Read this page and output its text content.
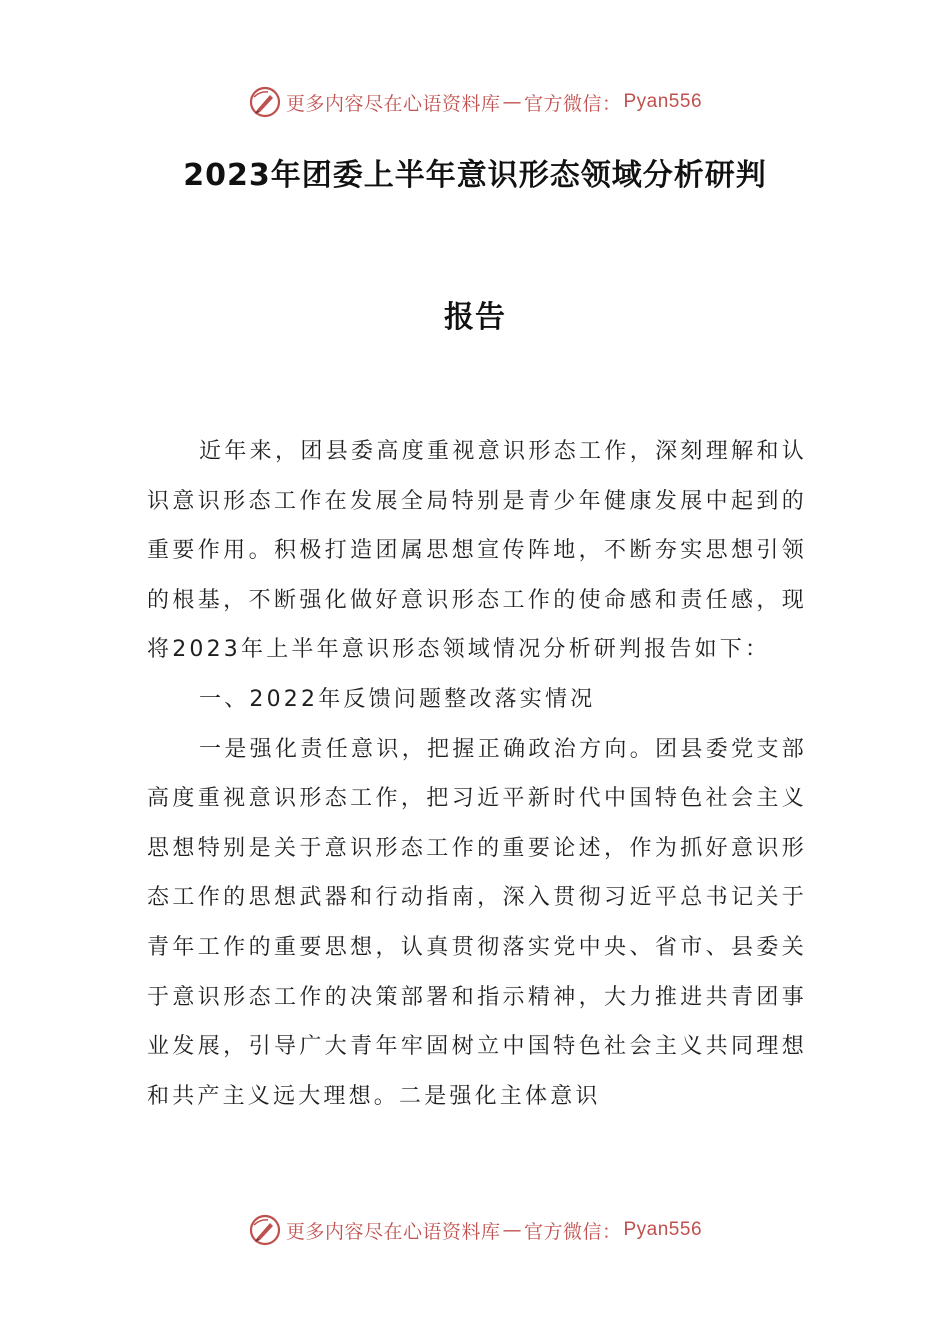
更多内容尽在心语资料库 — 官方微信： Pyan556
2023年团委上半年意识形态领域分析研判
报告

近年来，团县委高度重视意识形态工作，深刻理解和认识意识形态工作在发展全局特别是青少年健康发展中起到的重要作用。积极打造团属思想宣传阵地，不断夯实思想引领的根基，不断强化做好意识形态工作的使命感和责任感，现将2023年上半年意识形态领域情况分析研判报告如下：

一、2022年反馈问题整改落实情况

一是强化责任意识，把握正确政治方向。团县委党支部高度重视意识形态工作，把习近平新时代中国特色社会主义思想特别是关于意识形态工作的重要论述，作为抓好意识形态工作的思想武器和行动指南，深入贯彻习近平总书记关于青年工作的重要思想，认真贯彻落实党中央、省市、县委关于意识形态工作的决策部署和指示精神，大力推进共青团事业发展，引导广大青年牢固树立中国特色社会主义共同理想和共产主义远大理想。二是强化主体意识

更多内容尽在心语资料库 — 官方微信： Pyan556
